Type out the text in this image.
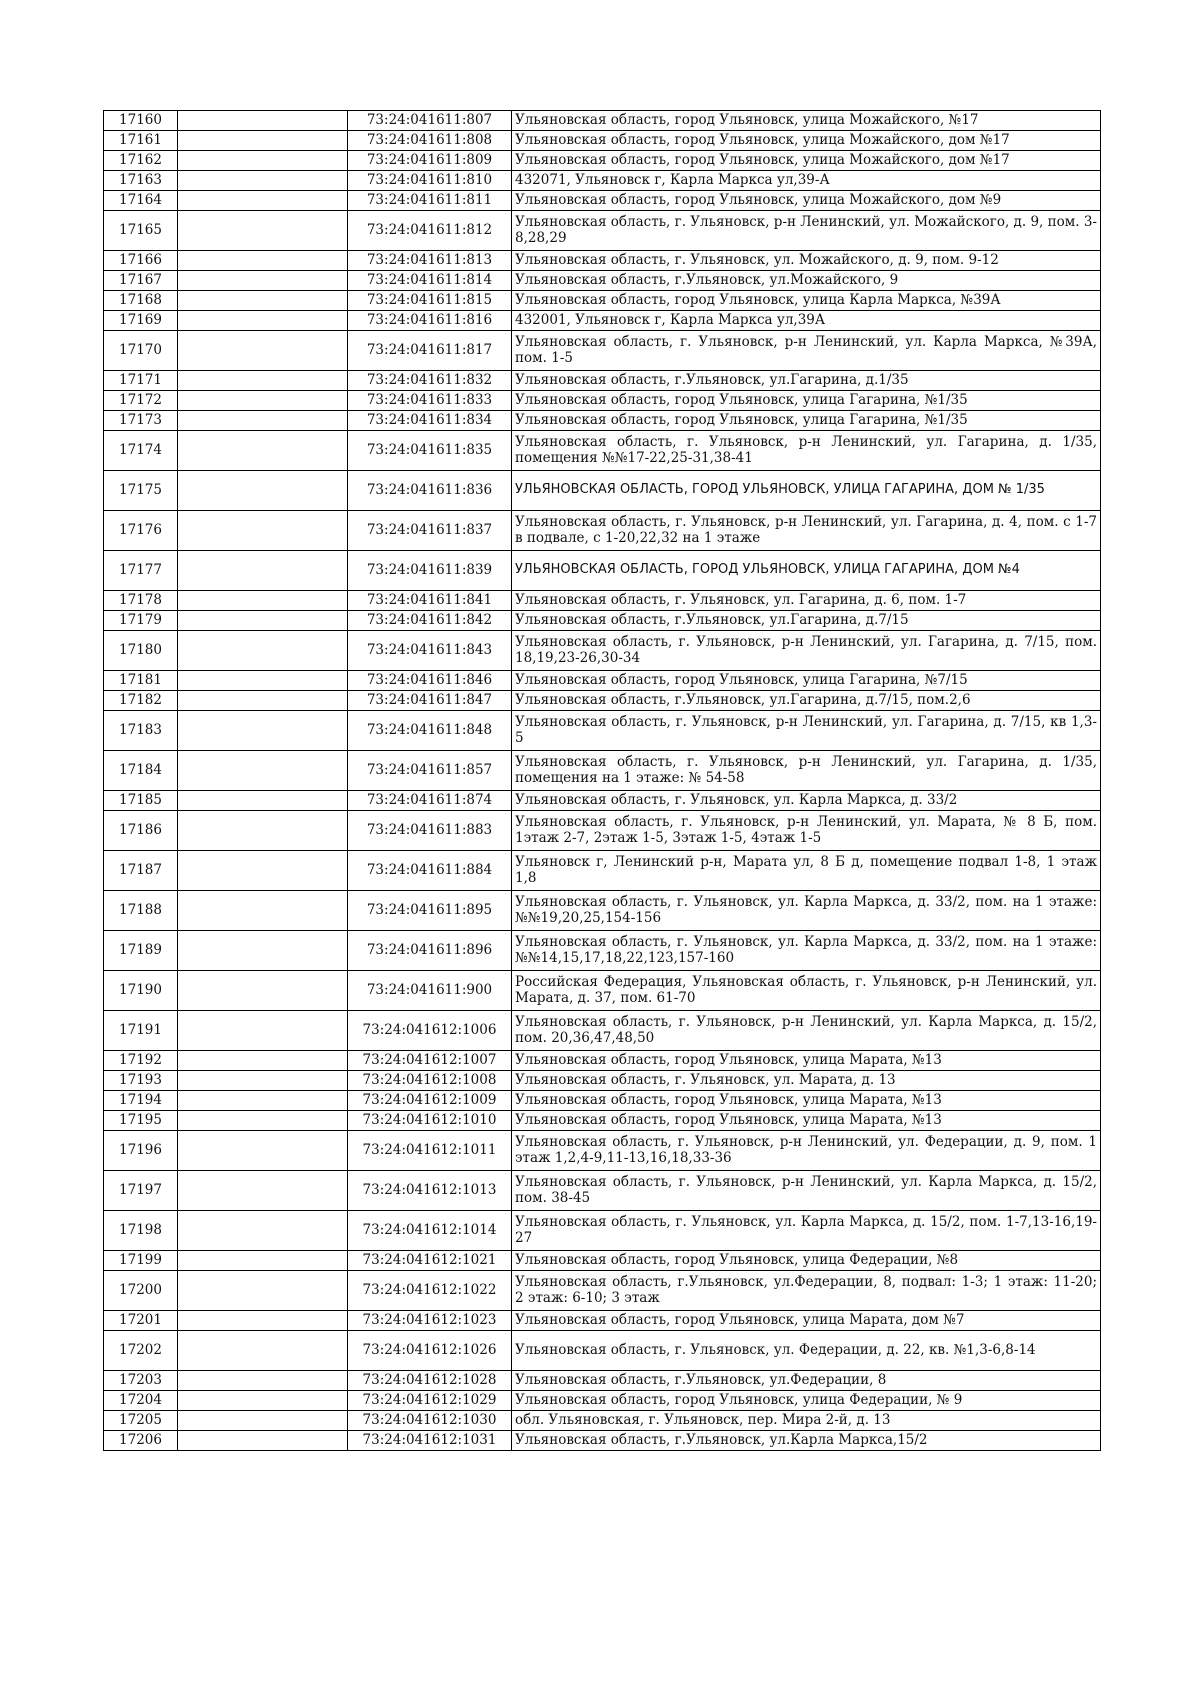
17160		73:24:041611:807	Ульяновская область, город Ульяновск, улица Можайского, №17
17161		73:24:041611:808	Ульяновская область, город Ульяновск, улица Можайского, дом №17
17162		73:24:041611:809	Ульяновская область, город Ульяновск, улица Можайского, дом №17
17163		73:24:041611:810	432071, Ульяновск г, Карла Маркса ул,39-А
17164		73:24:041611:811	Ульяновская область, город Ульяновск, улица Можайского, дом №9
17165		73:24:041611:812	Ульяновская область, г. Ульяновск, р-н Ленинский, ул. Можайского, д. 9, пом. 3-8,28,29
17166		73:24:041611:813	Ульяновская область, г. Ульяновск, ул. Можайского, д. 9, пом. 9-12
17167		73:24:041611:814	Ульяновская область, г.Ульяновск, ул.Можайского, 9
17168		73:24:041611:815	Ульяновская область, город Ульяновск, улица Карла Маркса, №39А
17169		73:24:041611:816	432001, Ульяновск г, Карла Маркса ул,39А
17170		73:24:041611:817	Ульяновская область, г. Ульяновск, р-н Ленинский, ул. Карла Маркса, №39А, пом. 1-5
17171		73:24:041611:832	Ульяновская область, г.Ульяновск, ул.Гагарина, д.1/35
17172		73:24:041611:833	Ульяновская область, город Ульяновск, улица Гагарина, №1/35
17173		73:24:041611:834	Ульяновская область, город Ульяновск, улица Гагарина, №1/35
17174		73:24:041611:835	Ульяновская область, г. Ульяновск, р-н Ленинский, ул. Гагарина, д. 1/35, помещения №№17-22,25-31,38-41
17175		73:24:041611:836	УЛЬЯНОВСКАЯ ОБЛАСТЬ, ГОРОД УЛЬЯНОВСК, УЛИЦА ГАГАРИНА, ДОМ № 1/35
17176		73:24:041611:837	Ульяновская область, г. Ульяновск, р-н Ленинский, ул. Гагарина, д. 4, пом. с 1-7 в подвале, с 1-20,22,32 на 1 этаже
17177		73:24:041611:839	УЛЬЯНОВСКАЯ ОБЛАСТЬ, ГОРОД УЛЬЯНОВСК, УЛИЦА ГАГАРИНА, ДОМ №4
17178		73:24:041611:841	Ульяновская область, г. Ульяновск, ул. Гагарина, д. 6, пом. 1-7
17179		73:24:041611:842	Ульяновская область, г.Ульяновск, ул.Гагарина, д.7/15
17180		73:24:041611:843	Ульяновская область, г. Ульяновск, р-н Ленинский, ул. Гагарина, д. 7/15, пом. 18,19,23-26,30-34
17181		73:24:041611:846	Ульяновская область, город Ульяновск, улица Гагарина, №7/15
17182		73:24:041611:847	Ульяновская область, г.Ульяновск, ул.Гагарина, д.7/15, пом.2,6
17183		73:24:041611:848	Ульяновская область, г. Ульяновск, р-н Ленинский, ул. Гагарина, д. 7/15, кв 1,3-5
17184		73:24:041611:857	Ульяновская область, г. Ульяновск, р-н Ленинский, ул. Гагарина, д. 1/35, помещения на 1 этаже: № 54-58
17185		73:24:041611:874	Ульяновская область, г. Ульяновск, ул. Карла Маркса, д. 33/2
17186		73:24:041611:883	Ульяновская область, г. Ульяновск, р-н Ленинский, ул. Марата, № 8 Б, пом. 1этаж 2-7, 2этаж 1-5, 3этаж 1-5, 4этаж 1-5
17187		73:24:041611:884	Ульяновск г, Ленинский р-н, Марата ул, 8 Б д, помещение подвал 1-8, 1 этаж 1,8
17188		73:24:041611:895	Ульяновская область, г. Ульяновск, ул. Карла Маркса, д. 33/2, пом. на 1 этаже: №№19,20,25,154-156
17189		73:24:041611:896	Ульяновская область, г. Ульяновск, ул. Карла Маркса, д. 33/2, пом. на 1 этаже: №№14,15,17,18,22,123,157-160
17190		73:24:041611:900	Российская Федерация, Ульяновская область, г. Ульяновск, р-н Ленинский, ул. Марата, д. 37, пом. 61-70
17191		73:24:041612:1006	Ульяновская область, г. Ульяновск, р-н Ленинский, ул. Карла Маркса, д. 15/2, пом. 20,36,47,48,50
17192		73:24:041612:1007	Ульяновская область, город Ульяновск, улица Марата, №13
17193		73:24:041612:1008	Ульяновская область, г. Ульяновск, ул. Марата, д. 13
17194		73:24:041612:1009	Ульяновская область, город Ульяновск, улица Марата, №13
17195		73:24:041612:1010	Ульяновская область, город Ульяновск, улица Марата, №13
17196		73:24:041612:1011	Ульяновская область, г. Ульяновск, р-н Ленинский, ул. Федерации, д. 9, пом. 1 этаж 1,2,4-9,11-13,16,18,33-36
17197		73:24:041612:1013	Ульяновская область, г. Ульяновск, р-н Ленинский, ул. Карла Маркса, д. 15/2, пом. 38-45
17198		73:24:041612:1014	Ульяновская область, г. Ульяновск, ул. Карла Маркса, д. 15/2, пом. 1-7,13-16,19-27
17199		73:24:041612:1021	Ульяновская область, город Ульяновск, улица Федерации, №8
17200		73:24:041612:1022	Ульяновская область, г.Ульяновск, ул.Федерации, 8, подвал: 1-3; 1 этаж: 11-20; 2 этаж: 6-10; 3 этаж
17201		73:24:041612:1023	Ульяновская область, город Ульяновск, улица Марата, дом №7
17202		73:24:041612:1026	Ульяновская область, г. Ульяновск, ул. Федерации, д. 22, кв. №1,3-6,8-14
17203		73:24:041612:1028	Ульяновская область, г.Ульяновск, ул.Федерации, 8
17204		73:24:041612:1029	Ульяновская область, город Ульяновск, улица Федерации, № 9
17205		73:24:041612:1030	обл. Ульяновская, г. Ульяновск, пер. Мира 2-й, д. 13
17206		73:24:041612:1031	Ульяновская область, г.Ульяновск, ул.Карла Маркса,15/2
